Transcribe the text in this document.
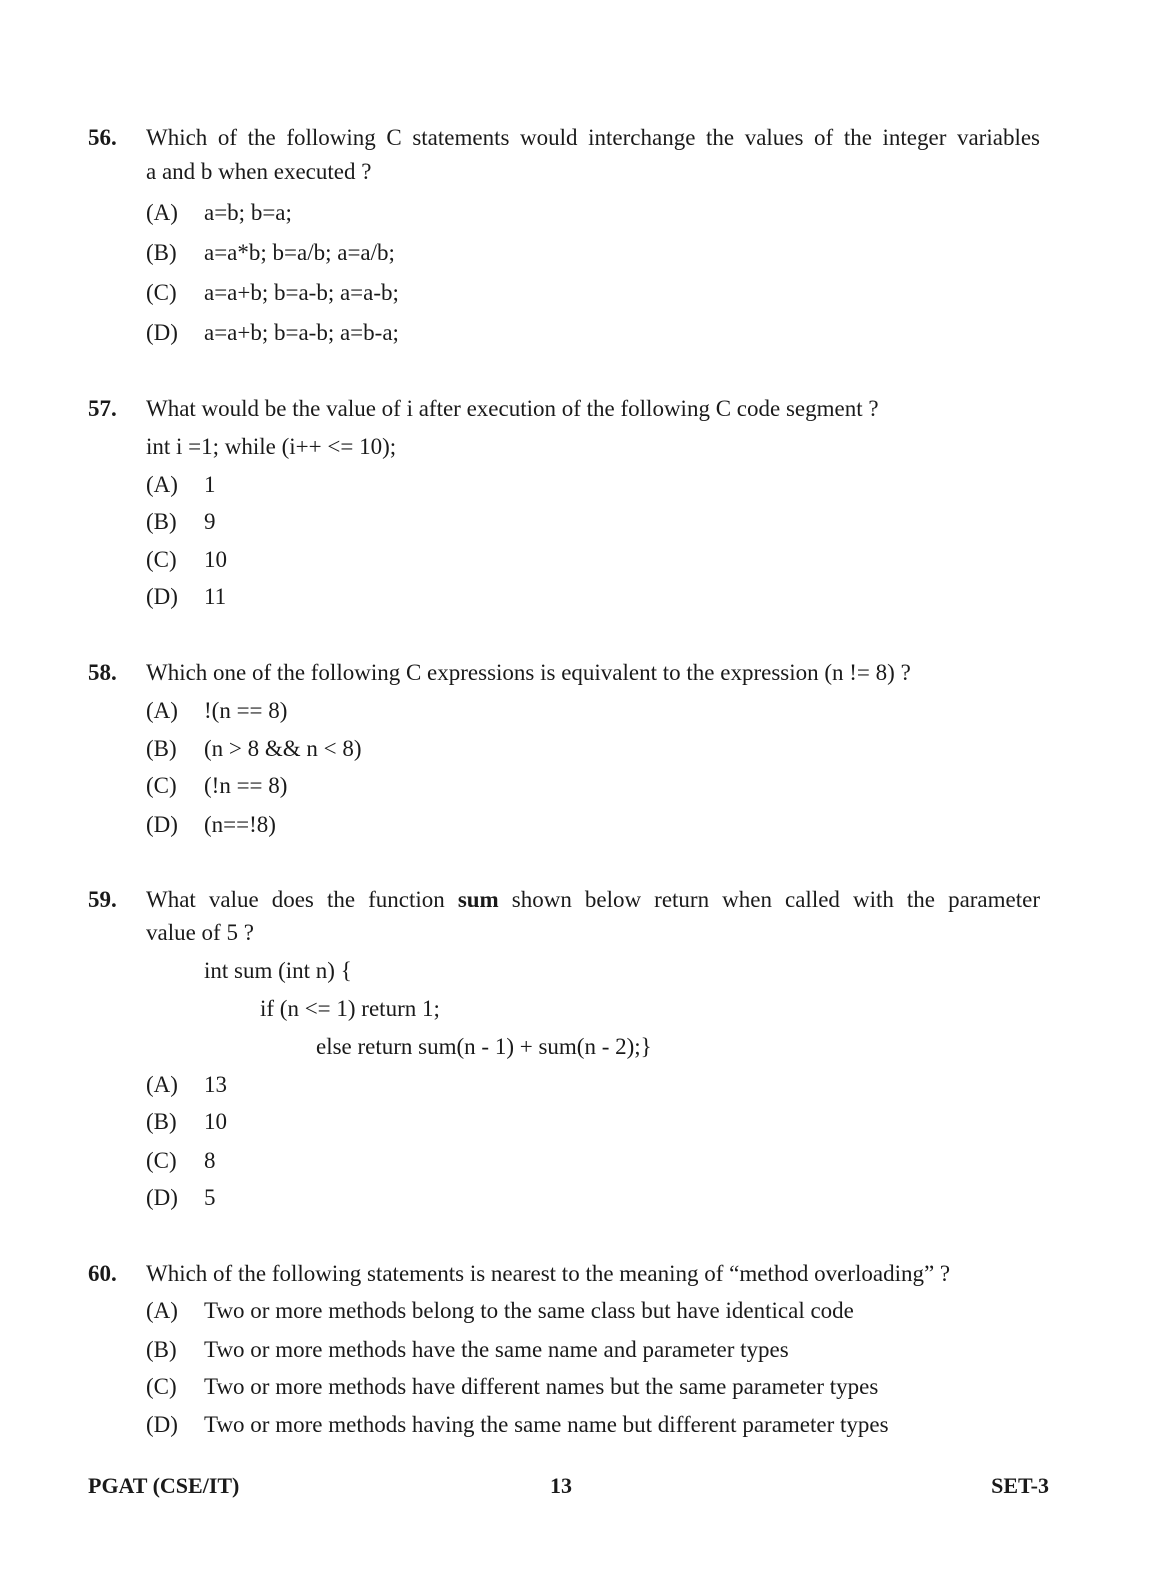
56. Which of the following C statements would interchange the values of the integer variables
a and b when executed ?
(A) a=b; b=a;
(B) a=a*b; b=a/b; a=a/b;
(C) a=a+b; b=a-b; a=a-b;
(D) a=a+b; b=a-b; a=b-a;
57. What would be the value of i after execution of the following C code segment ?
int i =1; while (i++ <= 10);
(A) 1
(B) 9
(C) 10
(D) 11
58. Which one of the following C expressions is equivalent to the expression (n != 8) ?
(A) !(n == 8)
(B) (n > 8 && n < 8)
(C) (!n == 8)
(D) (n==!8)
59. What value does the function sum shown below return when called with the parameter
value of 5 ?
int sum (int n) {
if (n <= 1) return 1;
else return sum(n - 1) + sum(n - 2);}
(A) 13
(B) 10
(C) 8
(D) 5
60. Which of the following statements is nearest to the meaning of “method overloading” ?
(A) Two or more methods belong to the same class but have identical code
(B) Two or more methods have the same name and parameter types
(C) Two or more methods have different names but the same parameter types
(D) Two or more methods having the same name but different parameter types
PGAT (CSE/IT)	13	SET-3
